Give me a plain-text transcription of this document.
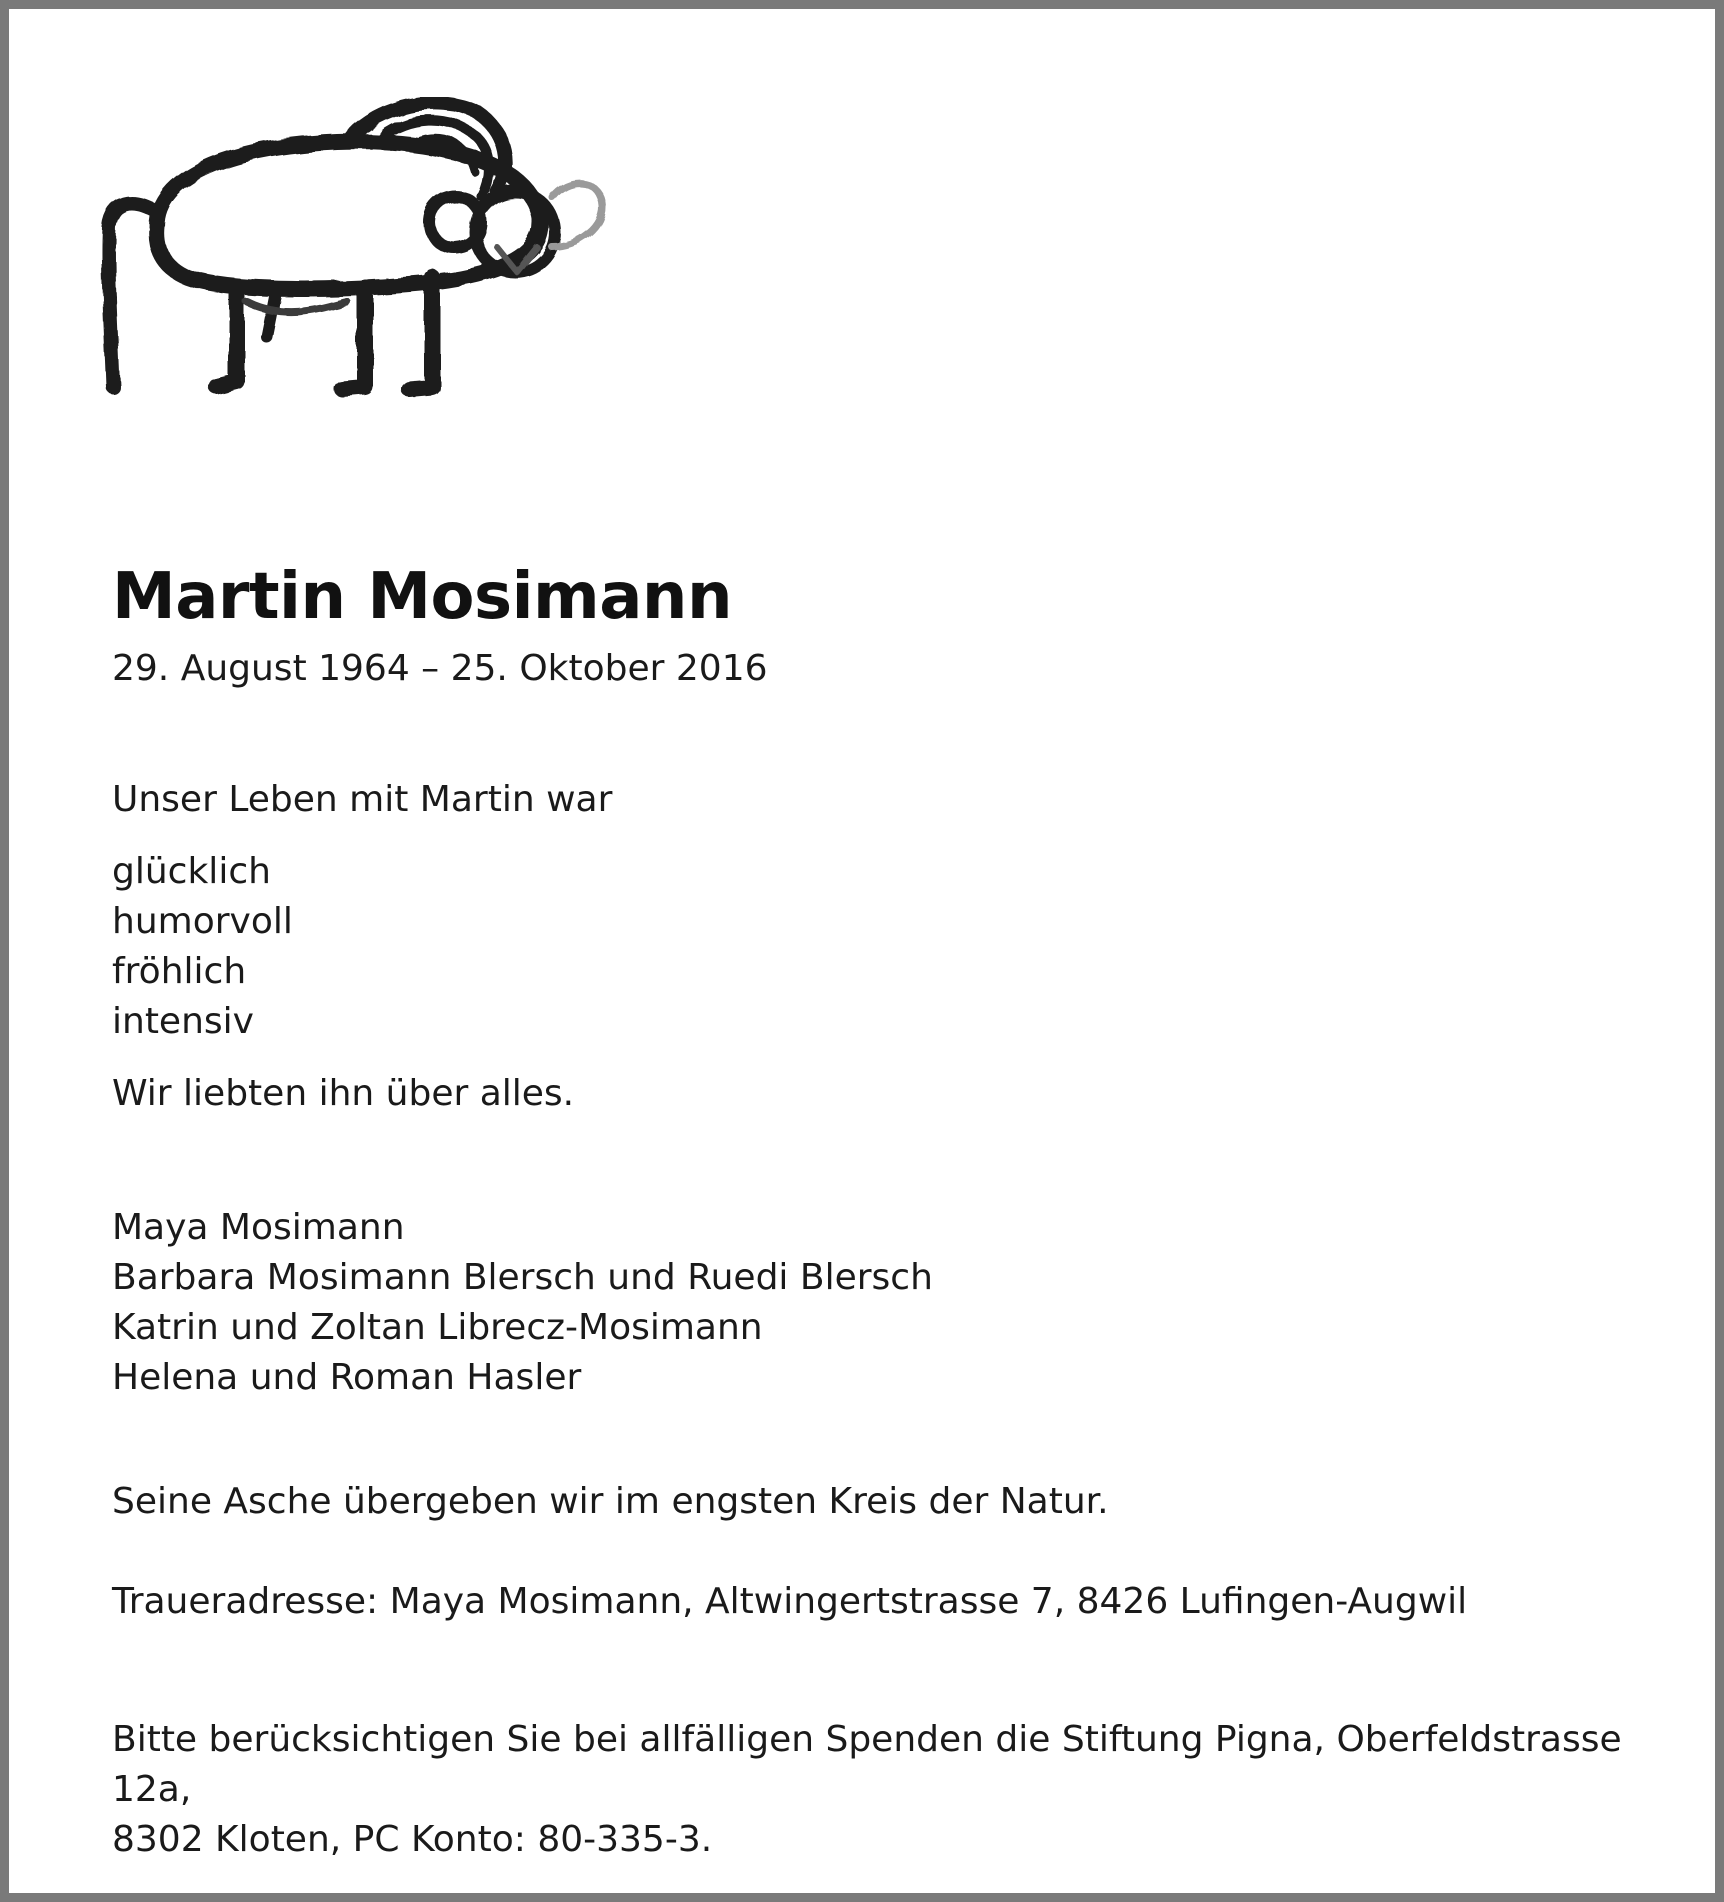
Martin Mosimann

29. August 1964 – 25. Oktober 2016

Unser Leben mit Martin war

glücklich

humorvoll

fröhlich

intensiv

Wir liebten ihn über alles.

Maya Mosimann

Barbara Mosimann Blersch und Ruedi Blersch

Katrin und Zoltan Librecz-Mosimann

Helena und Roman Hasler

Seine Asche übergeben wir im engsten Kreis der Natur.

Traueradresse: Maya Mosimann, Altwingertstrasse 7, 8426 Lufingen-Augwil

Bitte berücksichtigen Sie bei allfälligen Spenden die Stiftung Pigna, Oberfeldstrasse 12a,

8302 Kloten, PC Konto: 80-335-3.
